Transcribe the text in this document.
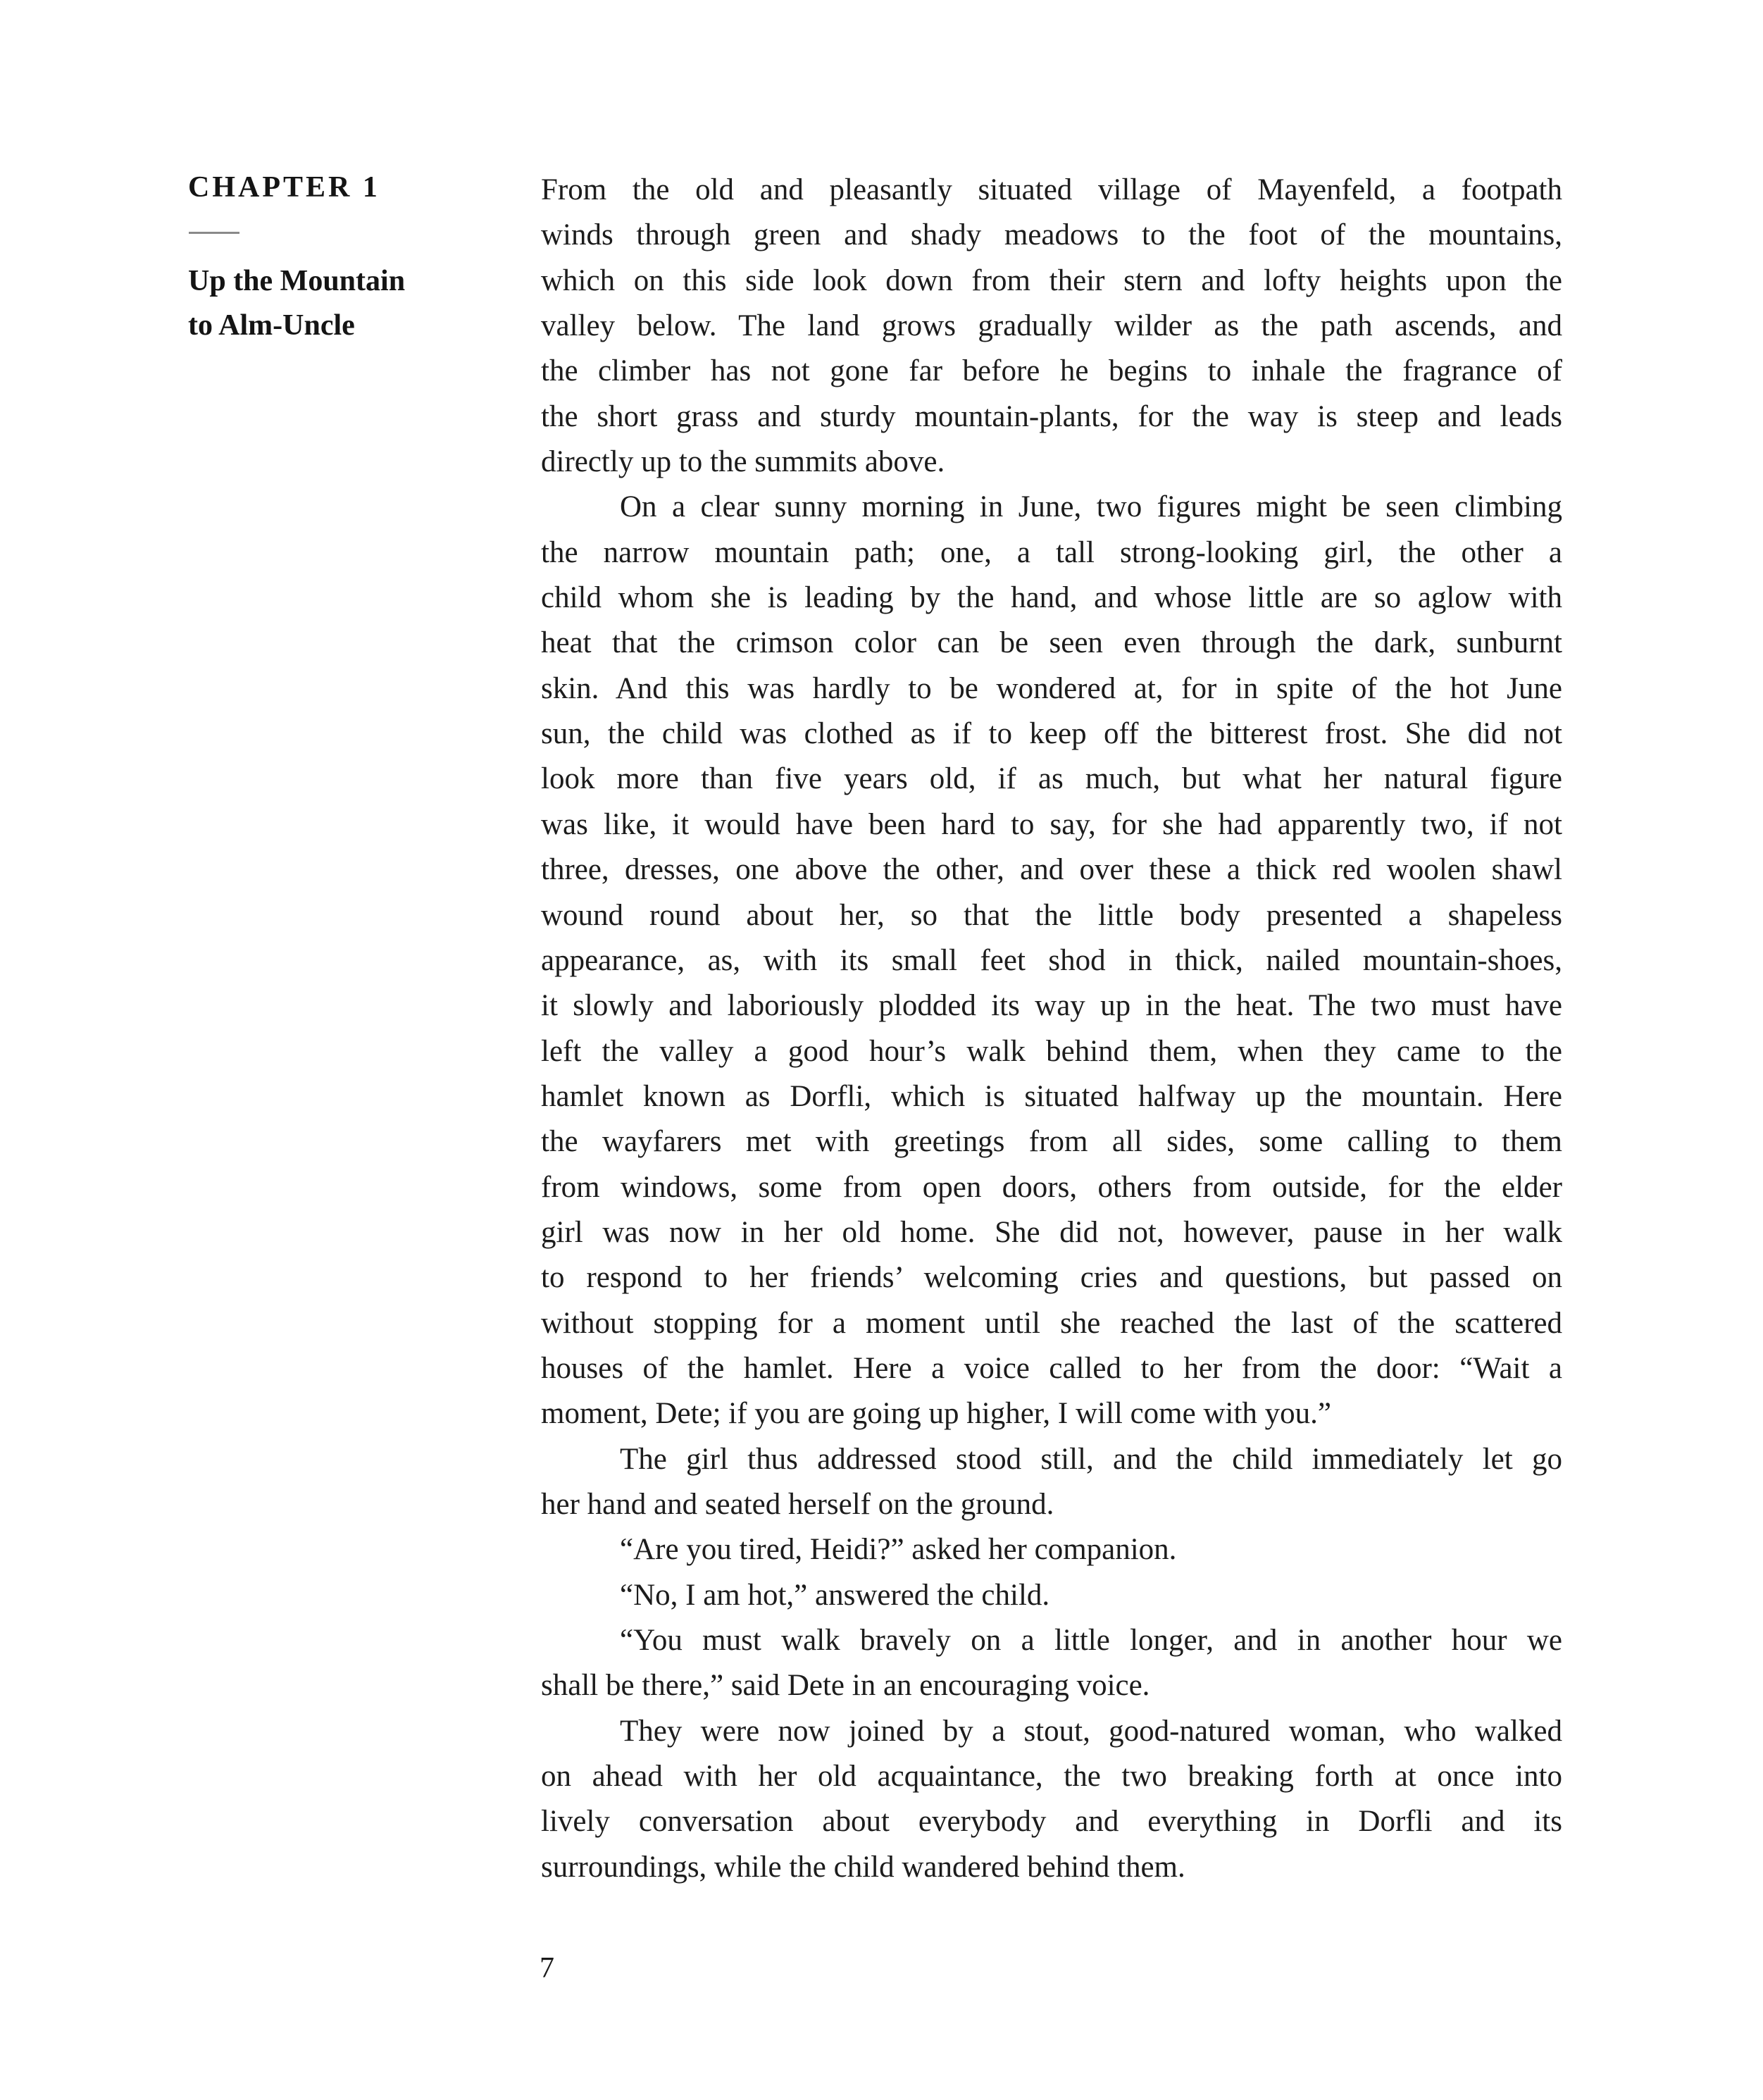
CHAPTER 1
Up the Mountain
to Alm-Uncle
From the old and pleasantly situated village of Mayenfeld, a footpath
winds through green and shady meadows to the foot of the mountains,
which on this side look down from their stern and lofty heights upon the
valley below. The land grows gradually wilder as the path ascends, and
the climber has not gone far before he begins to inhale the fragrance of
the short grass and sturdy mountain-plants, for the way is steep and leads
directly up to the summits above.
On a clear sunny morning in June, two figures might be seen climbing
the narrow mountain path; one, a tall strong-looking girl, the other a
child whom she is leading by the hand, and whose little are so aglow with
heat that the crimson color can be seen even through the dark, sunburnt
skin. And this was hardly to be wondered at, for in spite of the hot June
sun, the child was clothed as if to keep off the bitterest frost. She did not
look more than five years old, if as much, but what her natural figure
was like, it would have been hard to say, for she had apparently two, if not
three, dresses, one above the other, and over these a thick red woolen shawl
wound round about her, so that the little body presented a shapeless
appearance, as, with its small feet shod in thick, nailed mountain-shoes,
it slowly and laboriously plodded its way up in the heat. The two must have
left the valley a good hour’s walk behind them, when they came to the
hamlet known as Dorfli, which is situated halfway up the mountain. Here
the wayfarers met with greetings from all sides, some calling to them
from windows, some from open doors, others from outside, for the elder
girl was now in her old home. She did not, however, pause in her walk
to respond to her friends’ welcoming cries and questions, but passed on
without stopping for a moment until she reached the last of the scattered
houses of the hamlet. Here a voice called to her from the door: “Wait a
moment, Dete; if you are going up higher, I will come with you.”
The girl thus addressed stood still, and the child immediately let go
her hand and seated herself on the ground.
“Are you tired, Heidi?” asked her companion.
“No, I am hot,” answered the child.
“You must walk bravely on a little longer, and in another hour we
shall be there,” said Dete in an encouraging voice.
They were now joined by a stout, good-natured woman, who walked
on ahead with her old acquaintance, the two breaking forth at once into
lively conversation about everybody and everything in Dorfli and its
surroundings, while the child wandered behind them.
7
